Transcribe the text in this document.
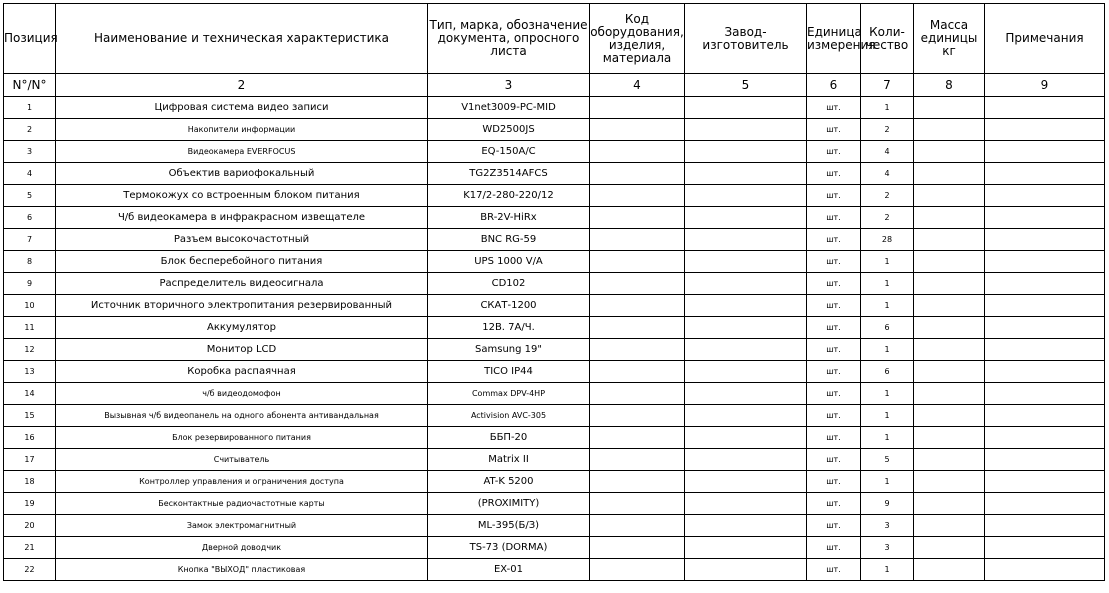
Позиция	Наименование и техническая характеристика	Тип, марка, обозначение документа, опросного листа	Код оборудования, изделия, материала	Завод- изготовитель	Единица измерения	Коли- чество	Масса единицы кг	Примечания
N°/N°	2	3	4	5	6	7	8	9
1	Цифровая система видео записи	V1net3009-PC-MID			шт.	1		
2	Накопители информации	WD2500JS			шт.	2		
3	Видеокамера EVERFOCUS	EQ-150A/C			шт.	4		
4	Объектив вариофокальный	TG2Z3514AFCS			шт.	4		
5	Термокожух со встроенным блоком питания	K17/2-280-220/12			шт.	2		
6	Ч/б видеокамера в инфракрасном извещателе	BR-2V-HiRx			шт.	2		
7	Разъем высокочастотный	BNC RG-59			шт.	28		
8	Блок бесперебойного питания	UPS 1000 V/A			шт.	1		
9	Распределитель видеосигнала	CD102			шт.	1		
10	Источник вторичного электропитания резервированный	СКАТ-1200			шт.	1		
11	Аккумулятор	12В. 7А/Ч.			шт.	6		
12	Монитор LCD	Samsung 19"			шт.	1		
13	Коробка распаячная	TICO IP44			шт.	6		
14	ч/б видеодомофон	Commax DPV-4HP			шт.	1		
15	Вызывная ч/б видеопанель на одного абонента антивандальная	Activision AVC-305			шт.	1		
16	Блок резервированного питания	ББП-20			шт.	1		
17	Считыватель	Matrix II			шт.	5		
18	Контроллер управления и ограничения доступа	AT-K 5200			шт.	1		
19	Бесконтактные радиочастотные карты	(PROXIMITY)			шт.	9		
20	Замок электромагнитный	ML-395(Б/З)			шт.	3		
21	Дверной доводчик	TS-73 (DORMA)			шт.	3		
22	Кнопка "ВЫХОД" пластиковая	EX-01			шт.	1		
